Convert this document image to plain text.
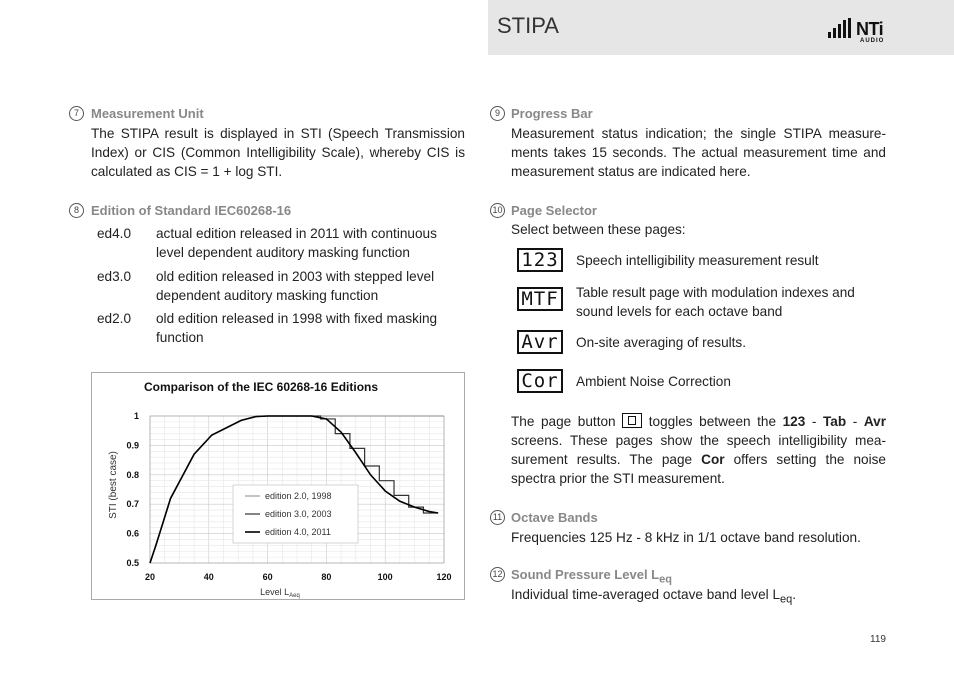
STIPA	NTi
AUDIO
7 Measurement Unit
The STIPA result is displayed in STI (Speech Transmission Index) or CIS (Common Intelligibility Scale), whereby CIS is calculated as CIS = 1 + log STI.
8 Edition of Standard IEC60268-16
ed4.0 actual edition released in 2011 with continuous level dependent auditory masking function
ed3.0 old edition released in 2003 with stepped level dependent auditory masking function
ed2.0 old edition released in 1998 with fixed masking function
Comparison of the IEC 60268-16 Editions
20	40	60	80	100	120
0.5
0.6
0.7
0.8
0.9
1
Level $L_{Aeq}$
STI (best case)	edition 2.0, 1998
edition 3.0, 2003
edition 4.0, 2011
9 Progress Bar
Measurement status indication; the single STIPA measure-ments takes 15 seconds. The actual measurement time and measurement status are indicated here.
10 Page Selector
Select between these pages:
123	Speech intelligibility measurement result
MTF	Table result page with modulation indexes and sound levels for each octave band
Avr	On-site averaging of results.
Cor	Ambient Noise Correction
The page button toggles between the 123 - Tab - Avr screens. These pages show the speech intelligibility mea-surement results. The page Cor offers setting the noise spectra prior the STI measurement.
11 Octave Bands
Frequencies 125 Hz - 8 kHz in 1/1 octave band resolution.
12 Sound Pressure Level $L_{eq}$
Individual time-averaged octave band level $L_{eq}$.
119
